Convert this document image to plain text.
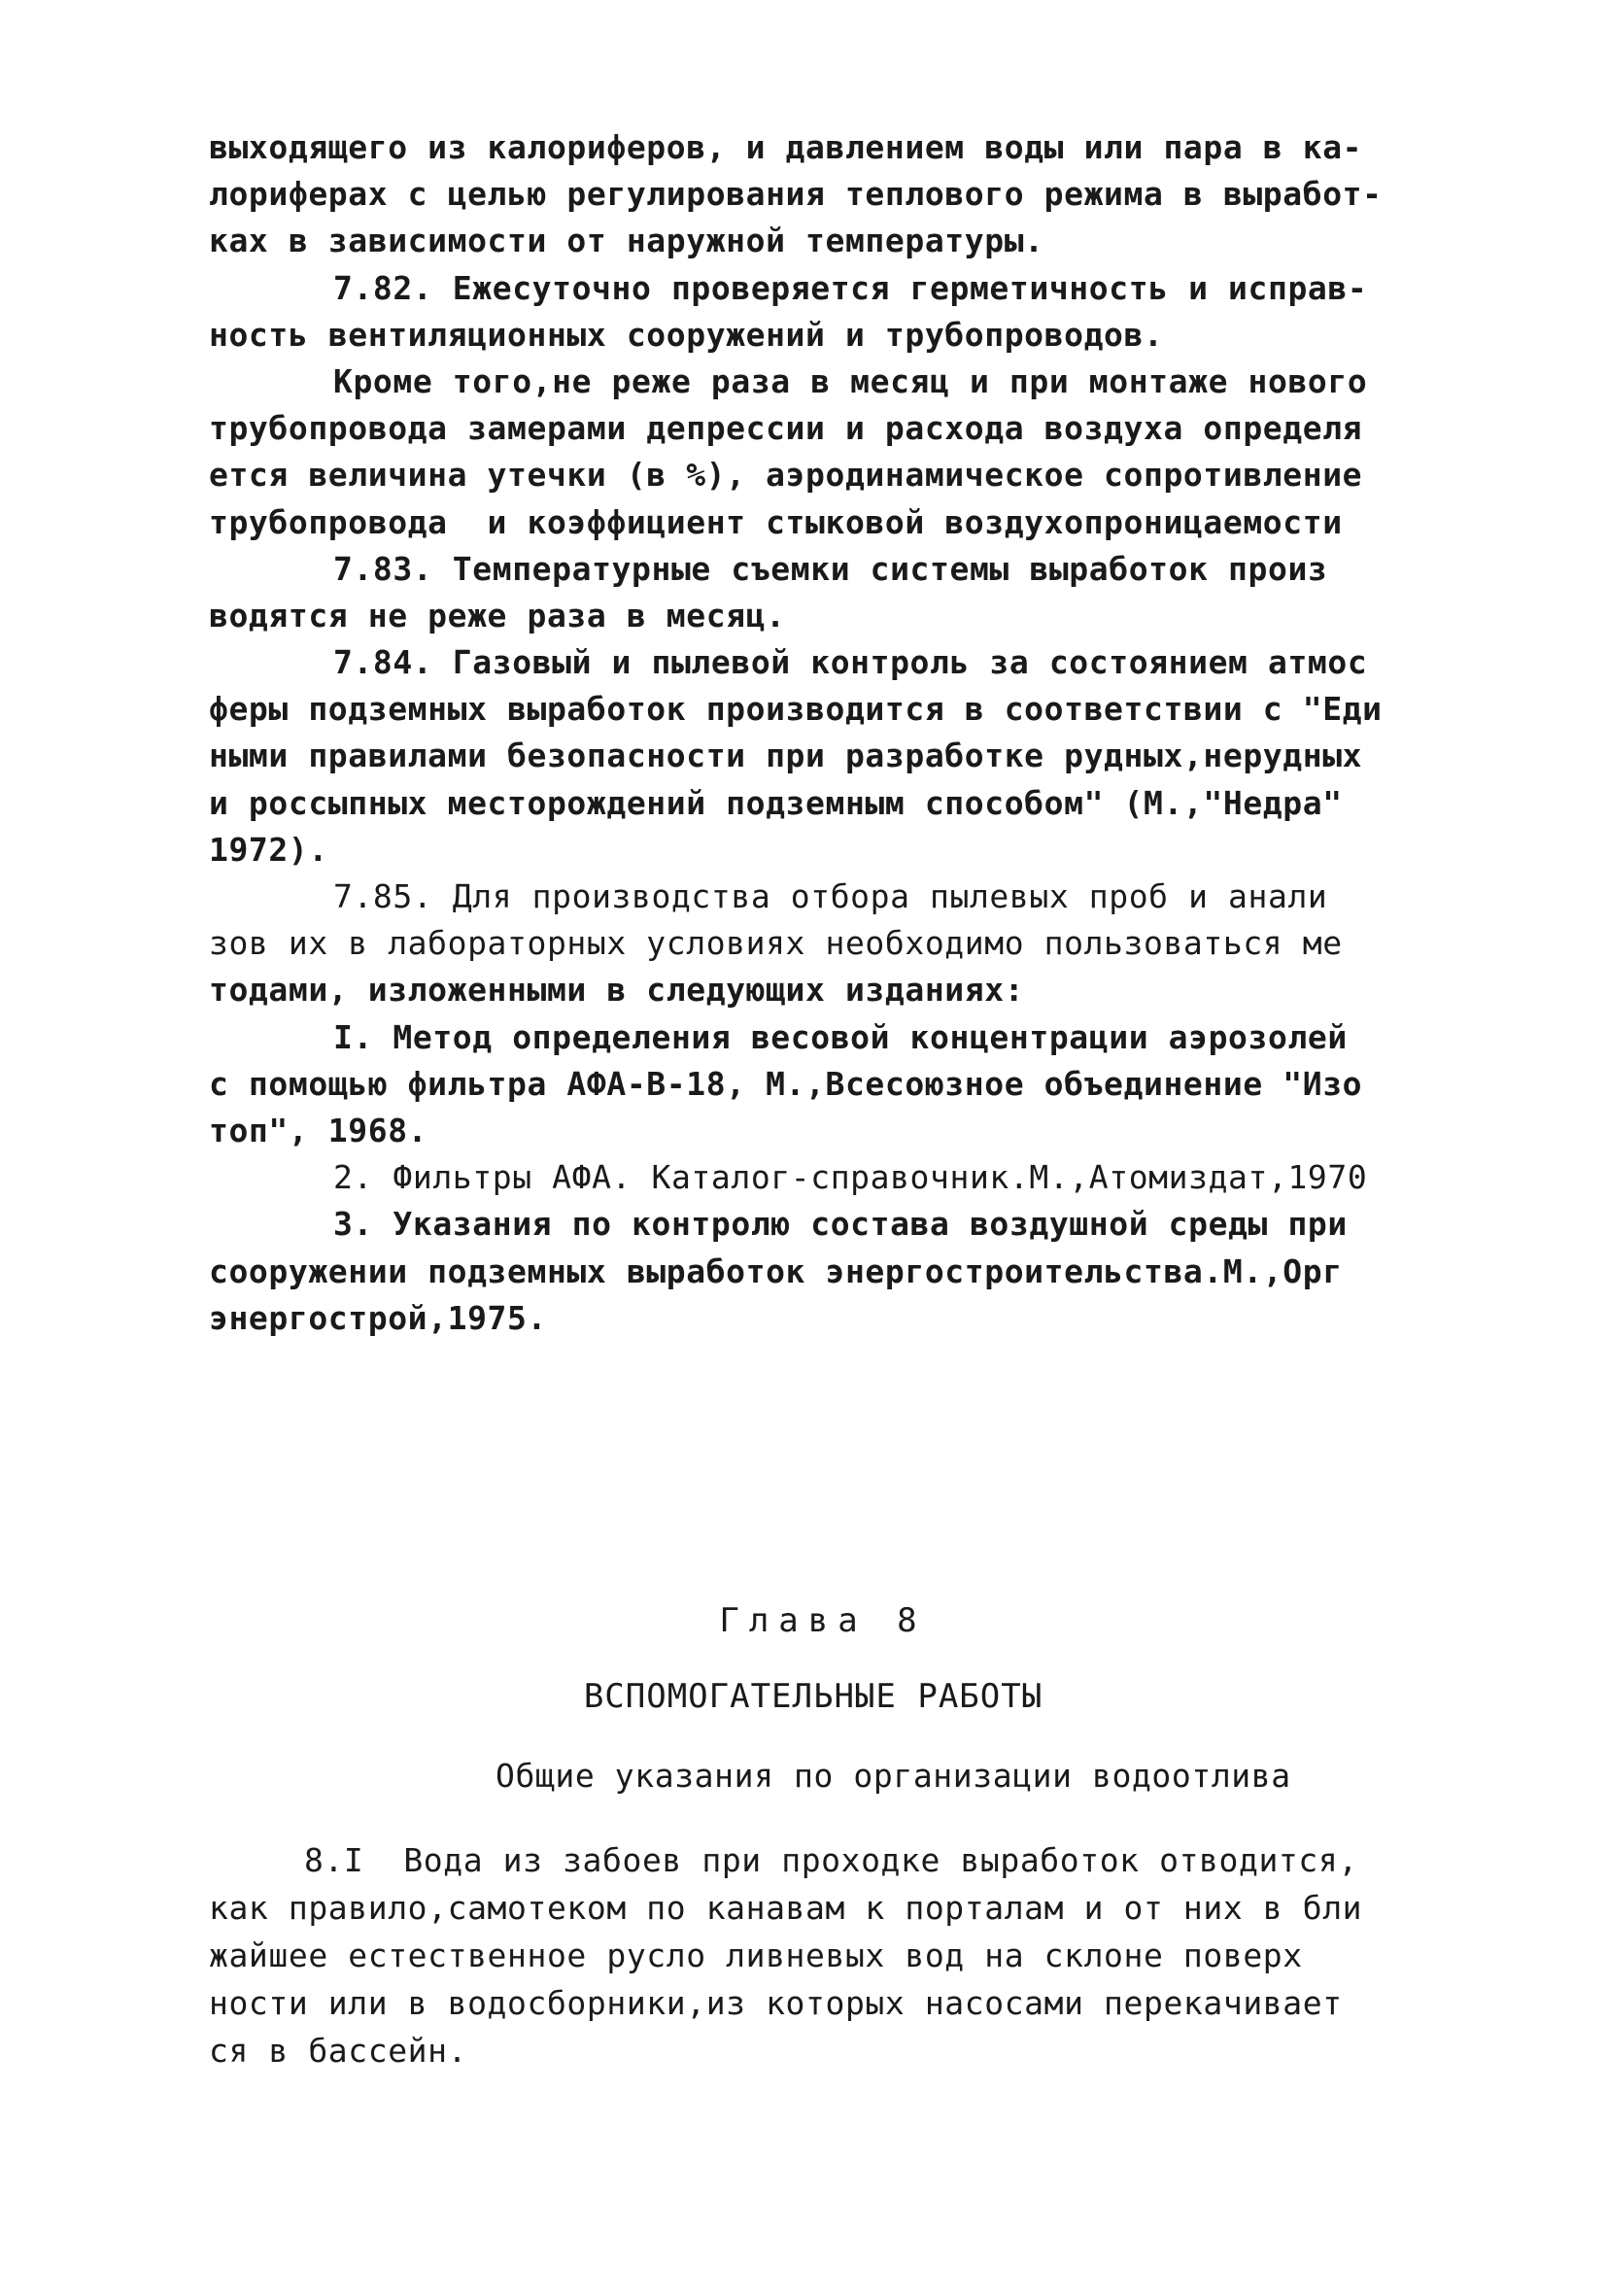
выходящего из калориферов, и давлением воды или пара в ка-
лориферах с целью регулирования теплового режима в выработ-
ках в зависимости от наружной температуры.
7.82. Ежесуточно проверяется герметичность и исправ-
ность вентиляционных сооружений и трубопроводов.
Кроме того,не реже раза в месяц и при монтаже нового
трубопровода замерами депрессии и расхода воздуха определя
ется величина утечки (в %), аэродинамическое сопротивление
трубопровода  и коэффициент стыковой воздухопроницаемости
7.83. Температурные съемки системы выработок произ
водятся не реже раза в месяц.
7.84. Газовый и пылевой контроль за состоянием атмос
феры подземных выработок производится в соответствии с "Еди
ными правилами безопасности при разработке рудных,нерудных
и россыпных месторождений подземным способом" (М.,"Недра"
1972).
7.85. Для производства отбора пылевых проб и анали
зов их в лабораторных условиях необходимо пользоваться ме
тодами, изложенными в следующих изданиях:
I. Метод определения весовой концентрации аэрозолей
с помощью фильтра АФА-В-18, М.,Всесоюзное объединение "Изо
топ", 1968.
2. Фильтры АФА. Каталог-справочник.М.,Атомиздат,1970
3. Указания по контролю состава воздушной среды при
сооружении подземных выработок энергостроительства.М.,Орг
энергострой,1975.
Глава 8
ВСПОМОГАТЕЛЬНЫЕ РАБОТЫ
Общие указания по организации водоотлива
8.I  Вода из забоев при проходке выработок отводится,
как правило,самотеком по канавам к порталам и от них в бли
жайшее естественное русло ливневых вод на склоне поверх
ности или в водосборники,из которых насосами перекачивает
ся в бассейн.
